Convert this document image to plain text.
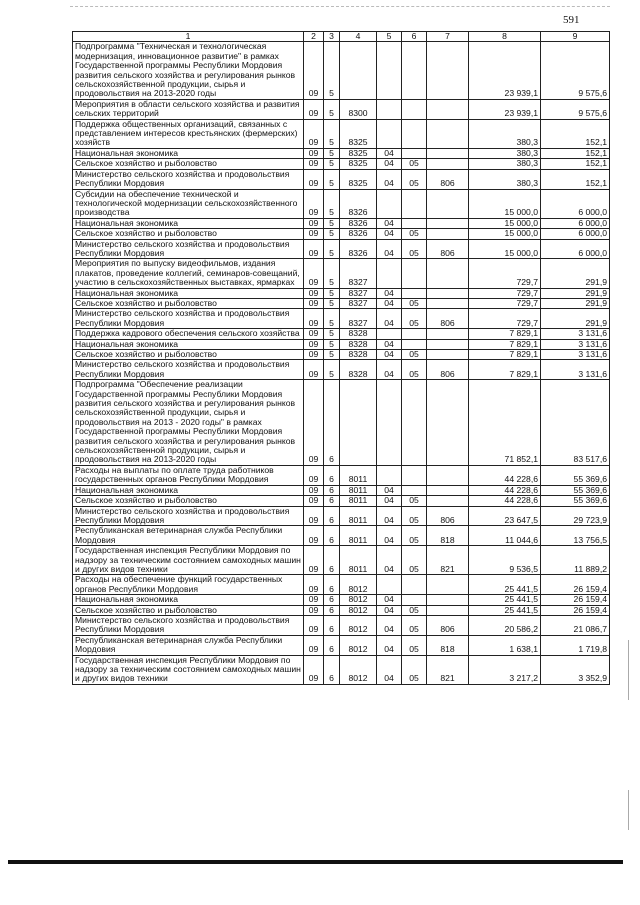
591
1	2	3	4	5	6	7	8	9
Подпрограмма "Техническая и технологическая модернизация, инновационное развитие" в рамках Государственной программы Республики Мордовия развития сельского хозяйства и регулирования рынков сельскохозяйственной продукции, сырья и продовольствия на 2013-2020 годы	09	5					23 939,1	9 575,6
Мероприятия в области сельского хозяйства и развития сельских территорий	09	5	8300				23 939,1	9 575,6
Поддержка общественных организаций, связанных с представлением интересов крестьянских (фермерских) хозяйств	09	5	8325				380,3	152,1
Национальная экономика	09	5	8325	04			380,3	152,1
Сельское хозяйство и рыболовство	09	5	8325	04	05		380,3	152,1
Министерство сельского хозяйства и продовольствия Республики Мордовия	09	5	8325	04	05	806	380,3	152,1
Субсидии на обеспечение технической и технологической модернизации сельскохозяйственного производства	09	5	8326				15 000,0	6 000,0
Национальная экономика	09	5	8326	04			15 000,0	6 000,0
Сельское хозяйство и рыболовство	09	5	8326	04	05		15 000,0	6 000,0
Министерство сельского хозяйства и продовольствия Республики Мордовия	09	5	8326	04	05	806	15 000,0	6 000,0
Мероприятия по выпуску видеофильмов, издания плакатов, проведение коллегий, семинаров-совещаний, участию в сельскохозяйственных выставках, ярмарках	09	5	8327				729,7	291,9
Национальная экономика	09	5	8327	04			729,7	291,9
Сельское хозяйство и рыболовство	09	5	8327	04	05		729,7	291,9
Министерство сельского хозяйства и продовольствия Республики Мордовия	09	5	8327	04	05	806	729,7	291,9
Поддержка кадрового обеспечения сельского хозяйства	09	5	8328				7 829,1	3 131,6
Национальная экономика	09	5	8328	04			7 829,1	3 131,6
Сельское хозяйство и рыболовство	09	5	8328	04	05		7 829,1	3 131,6
Министерство сельского хозяйства и продовольствия Республики Мордовия	09	5	8328	04	05	806	7 829,1	3 131,6
Подпрограмма "Обеспечение реализации Государственной программы Республики Мордовия развития сельского хозяйства и регулирования рынков сельскохозяйственной продукции, сырья и продовольствия на 2013 - 2020 годы" в рамках Государственной программы Республики Мордовия развития сельского хозяйства и регулирования рынков сельскохозяйственной продукции, сырья и продовольствия на 2013-2020 годы	09	6					71 852,1	83 517,6
Расходы на выплаты по оплате труда работников государственных органов Республики Мордовия	09	6	8011				44 228,6	55 369,6
Национальная экономика	09	6	8011	04			44 228,6	55 369,6
Сельское хозяйство и рыболовство	09	6	8011	04	05		44 228,6	55 369,6
Министерство сельского хозяйства и продовольствия Республики Мордовия	09	6	8011	04	05	806	23 647,5	29 723,9
Республиканская ветеринарная служба Республики Мордовия	09	6	8011	04	05	818	11 044,6	13 756,5
Государственная инспекция Республики Мордовия по надзору за техническим состоянием самоходных машин и других видов техники	09	6	8011	04	05	821	9 536,5	11 889,2
Расходы на обеспечение функций государственных органов Республики Мордовия	09	6	8012				25 441,5	26 159,4
Национальная экономика	09	6	8012	04			25 441,5	26 159,4
Сельское хозяйство и рыболовство	09	6	8012	04	05		25 441,5	26 159,4
Министерство сельского хозяйства и продовольствия Республики Мордовия	09	6	8012	04	05	806	20 586,2	21 086,7
Республиканская ветеринарная служба Республики Мордовия	09	6	8012	04	05	818	1 638,1	1 719,8
Государственная инспекция Республики Мордовия по надзору за техническим состоянием самоходных машин и других видов техники	09	6	8012	04	05	821	3 217,2	3 352,9
